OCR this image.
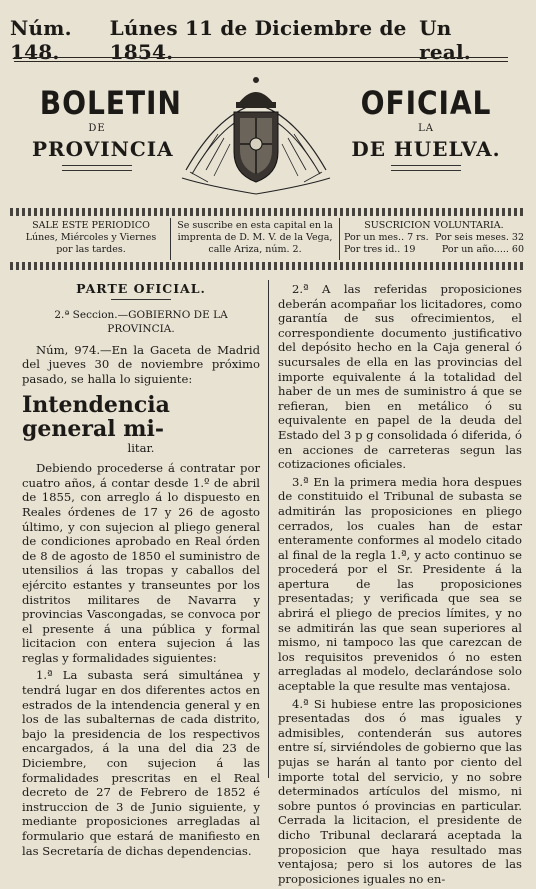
Núm. 148.
Lúnes 11 de Diciembre de 1854.
Un real.
BOLETIN
DE
PROVINCIA
OFICIAL
LA
DE HUELVA.
SALE ESTE PERIODICO
Lúnes, Miércoles y Viernes
por las tardes.
Se suscribe en esta capital en la
imprenta de D. M. V. de la Vega,
calle Ariza, núm. 2.
SUSCRICION VOLUNTARIA.
Por un mes.. 7 rs. Por seis meses. 32
Por tres id.. 19	Por un año..... 60
PARTE OFICIAL.
2.ª Seccion.—GOBIERNO DE LA PROVINCIA.

Núm, 974.—En la Gaceta de Madrid del jueves 30 de noviembre próximo pasado, se halla lo siguiente:

Intendencia general mi-
litar.

Debiendo procederse á contratar por cuatro años, á contar desde 1.º de abril de 1855, con arreglo á lo dispuesto en Reales órdenes de 17 y 26 de agosto último, y con sujecion al pliego general de condiciones aprobado en Real órden de 8 de agosto de 1850 el suministro de utensilios á las tropas y caballos del ejército estantes y transeuntes por los distritos militares de Navarra y provincias Vascongadas, se convoca por el presente á una pública y formal licitacion con entera sujecion á las reglas y formalidades siguientes:

1.ª La subasta será simultánea y tendrá lugar en dos diferentes actos en estrados de la intendencia general y en los de las subalternas de cada distrito, bajo la presidencia de los respectivos encargados, á la una del dia 23 de Diciembre, con sujecion á las formalidades prescritas en el Real decreto de 27 de Febrero de 1852 é instruccion de 3 de Junio siguiente, y mediante proposiciones arregladas al formulario que estará de manifiesto en las Secretaría de dichas dependencias.

2.ª A las referidas proposiciones deberán acompañar los licitadores, como garantía de sus ofrecimientos, el correspondiente documento justificativo del depósito hecho en la Caja general ó sucursales de ella en las provincias del importe equivalente á la totalidad del haber de un mes de suministro á que se refieran, bien en metálico ó su equivalente en papel de la deuda del Estado del 3 p g consolidada ó diferida, ó en acciones de carreteras segun las cotizaciones oficiales.

3.ª En la primera media hora despues de constituido el Tribunal de subasta se admitirán las proposiciones en pliego cerrados, los cuales han de estar enteramente conformes al modelo citado al final de la regla 1.ª, y acto continuo se procederá por el Sr. Presidente á la apertura de las proposiciones presentadas; y verificada que sea se abrirá el pliego de precios límites, y no se admitirán las que sean superiores al mismo, ni tampoco las que carezcan de los requisitos prevenidos ó no esten arregladas al modelo, declarándose solo aceptable la que resulte mas ventajosa.

4.ª Si hubiese entre las proposiciones presentadas dos ó mas iguales y admisibles, contenderán sus autores entre sí, sirviéndoles de gobierno que las pujas se harán al tanto por ciento del importe total del servicio, y no sobre determinados artículos del mismo, ni sobre puntos ó provincias en particular. Cerrada la licitacion, el presidente de dicho Tribunal declarará aceptada la proposicion que haya resultado mas ventajosa; pero si los autores de las proposiciones iguales no en-
